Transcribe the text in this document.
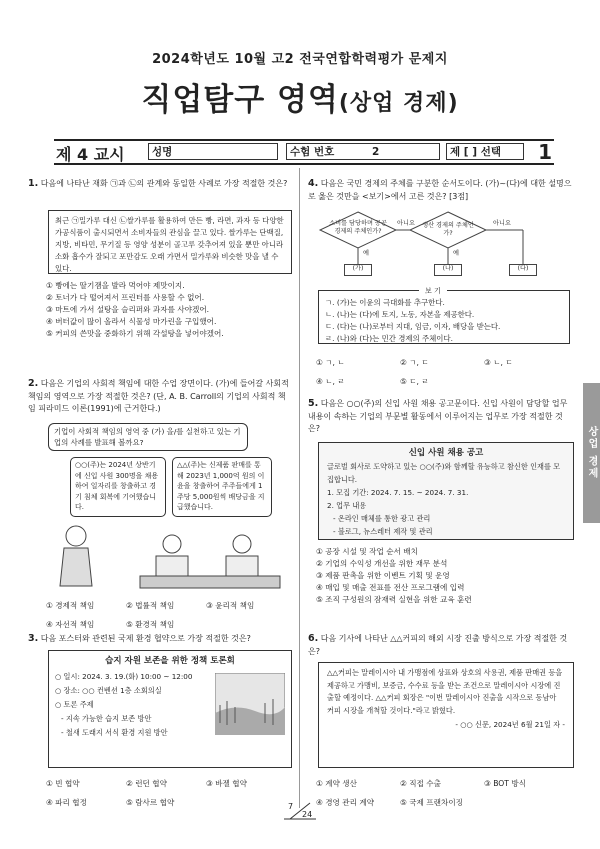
2024학년도 10월 고2 전국연합학력평가 문제지
직업탐구 영역(상업 경제)
제 4 교시	성명	수험 번호	2	제 [ ] 선택	1
1. 다음에 나타난 재화 ㉠과 ㉡의 관계와 동일한 사례로 가장 적절한 것은?
최근 ㉠밀가루 대신 ㉡쌀가루를 활용하여 만든 빵, 라면, 과자 등 다양한 가공식품이 출시되면서 소비자들의 관심을 끌고 있다. 쌀가루는 단백질, 지방, 비타민, 무기질 등 영양 성분이 골고루 갖추어져 있을 뿐만 아니라 소화 흡수가 잘되고 포만감도 오래 가면서 밀가루와 비슷한 맛을 낼 수 있다.
① 빵에는 딸기잼을 발라 먹어야 제맛이지.
② 토너가 다 떨어져서 프린터를 사용할 수 없어.
③ 마트에 가서 설탕을 슬리퍼와 과자를 사야겠어.
④ 버터값이 많이 올라서 식물성 마가린을 구입했어.
⑤ 커피의 쓴맛을 중화하기 위해 각설탕을 넣어야겠어.
2. 다음은 기업의 사회적 책임에 대한 수업 장면이다. (가)에 들어갈 사회적 책임의 영역으로 가장 적절한 것은? (단, A. B. Carroll의 기업의 사회적 책임 피라미드 이론(1991)에 근거한다.)
기업이 사회적 책임의 영역 중 (가) 을/를 실천하고 있는 기업의 사례를 발표해 볼까요?
○○(주)는 2024년 상반기에 신입 사원 300명을 채용하여 일자리를 창출하고 경기 침체 회복에 기여했습니다.
△△(주)는 신제품 판매를 통해 2023년 1,000억 원의 이윤을 창출하여 주주들에게 1주당 5,000원씩 배당금을 지급했습니다.
① 경제적 책임	② 법률적 책임	③ 윤리적 책임
④ 자선적 책임	⑤ 환경적 책임
3. 다음 포스터와 관련된 국제 환경 협약으로 가장 적절한 것은?
습지 자원 보존을 위한 정책 토론회
○ 일시: 2024. 3. 19.(화) 10:00 ~ 12:00
○ 장소: ○○ 컨벤션 1층 소회의실
○ 토론 주제
- 지속 가능한 습지 보존 방안
- 철새 도래지 서식 환경 지원 방안
① 빈 협약	② 런던 협약	③ 바젤 협약
④ 파리 협정	⑤ 람사르 협약
4. 다음은 국민 경제의 주체를 구분한 순서도이다. (가)~(다)에 대한 설명으로 옳은 것만을 <보기>에서 고른 것은? [3점]
소비를 담당하며 공공 경제의 주체인가?
생산 경제의 주체인가?
아니요	아니요
예	예
(가)	(나)	(다)
보 기
ㄱ. (가)는 이윤의 극대화를 추구한다.
ㄴ. (나)는 (다)에 토지, 노동, 자본을 제공한다.
ㄷ. (다)는 (나)로부터 지대, 임금, 이자, 배당을 받는다.
ㄹ. (나)와 (다)는 민간 경제의 주체이다.
① ㄱ, ㄴ	② ㄱ, ㄷ	③ ㄴ, ㄷ
④ ㄴ, ㄹ	⑤ ㄷ, ㄹ
5. 다음은 ○○(주)의 신입 사원 채용 공고문이다. 신입 사원이 담당할 업무 내용이 속하는 기업의 부문별 활동에서 이루어지는 업무로 가장 적절한 것은?
신입 사원 채용 공고
글로벌 회사로 도약하고 있는 ○○(주)와 함께할 유능하고 참신한 인재를 모집합니다.
1. 모집 기간: 2024. 7. 15. ~ 2024. 7. 31.
2. 업무 내용
- 온라인 매체를 통한 광고 관리
- 블로그, 뉴스레터 제작 및 관리
① 공장 시설 및 작업 순서 배치
② 기업의 수익성 개선을 위한 재무 분석
③ 제품 판촉을 위한 이벤트 기획 및 운영
④ 매입 및 매출 전표를 전산 프로그램에 입력
⑤ 조직 구성원의 잠재력 실현을 위한 교육 훈련
6. 다음 기사에 나타난 △△커피의 해외 시장 진출 방식으로 가장 적절한 것은?
△△커피는 말레이시아 내 가맹점에 상표와 상호의 사용권, 제품 판매권 등을 제공하고 가맹비, 보증금, 수수료 등을 받는 조건으로 말레이시아 시장에 진출할 예정이다. △△커피 회장은 "이번 말레이시아 진출을 시작으로 동남아 커피 시장을 개척할 것이다."라고 밝혔다.
- ○○ 신문, 2024년 6월 21일 자 -
① 계약 생산	② 직접 수출	③ BOT 방식
④ 경영 관리 계약	⑤ 국제 프랜차이징
상업 경제
7
24
